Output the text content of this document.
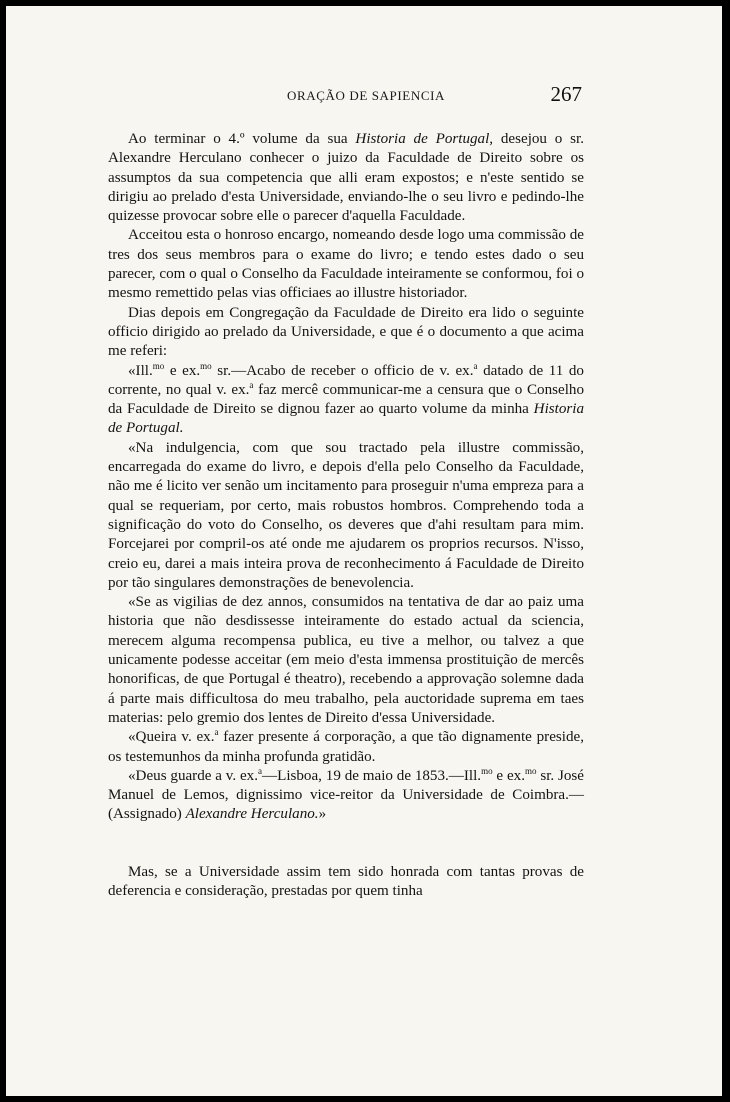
ORAÇÃO DE SAPIENCIA	267

Ao terminar o 4.º volume da sua Historia de Portugal, desejou o sr. Alexandre Herculano conhecer o juizo da Faculdade de Direito sobre os assumptos da sua competencia que alli eram expostos; e n'este sentido se dirigiu ao prelado d'esta Universidade, enviando-lhe o seu livro e pedindo-lhe quizesse provocar sobre elle o parecer d'aquella Faculdade.

Acceitou esta o honroso encargo, nomeando desde logo uma commissão de tres dos seus membros para o exame do livro; e tendo estes dado o seu parecer, com o qual o Conselho da Faculdade inteiramente se conformou, foi o mesmo remettido pelas vias officiaes ao illustre historiador.

Dias depois em Congregação da Faculdade de Direito era lido o seguinte officio dirigido ao prelado da Universidade, e que é o documento a que acima me referi:

«Ill.$^{mo}$ e ex.$^{mo}$ sr.—Acabo de receber o officio de v. ex.$^a$ datado de 11 do corrente, no qual v. ex.$^a$ faz mercê communicar-me a censura que o Conselho da Faculdade de Direito se dignou fazer ao quarto volume da minha Historia de Portugal.

«Na indulgencia, com que sou tractado pela illustre commissão, encarregada do exame do livro, e depois d'ella pelo Conselho da Faculdade, não me é licito ver senão um incitamento para proseguir n'uma empreza para a qual se requeriam, por certo, mais robustos hombros. Comprehendo toda a significação do voto do Conselho, os deveres que d'ahi resultam para mim. Forcejarei por compril-os até onde me ajudarem os proprios recursos. N'isso, creio eu, darei a mais inteira prova de reconhecimento á Faculdade de Direito por tão singulares demonstrações de benevolencia.

«Se as vigilias de dez annos, consumidos na tentativa de dar ao paiz uma historia que não desdissesse inteiramente do estado actual da sciencia, merecem alguma recompensa publica, eu tive a melhor, ou talvez a que unicamente podesse acceitar (em meio d'esta immensa prostituição de mercês honorificas, de que Portugal é theatro), recebendo a approvação solemne dada á parte mais difficultosa do meu trabalho, pela auctoridade suprema em taes materias: pelo gremio dos lentes de Direito d'essa Universidade.

«Queira v. ex.$^a$ fazer presente á corporação, a que tão dignamente preside, os testemunhos da minha profunda gratidão.

«Deus guarde a v. ex.$^a$—Lisboa, 19 de maio de 1853.—Ill.$^{mo}$ e ex.$^{mo}$ sr. José Manuel de Lemos, dignissimo vice-reitor da Universidade de Coimbra.—(Assignado) Alexandre Herculano.»

Mas, se a Universidade assim tem sido honrada com tantas provas de deferencia e consideração, prestadas por quem tinha
